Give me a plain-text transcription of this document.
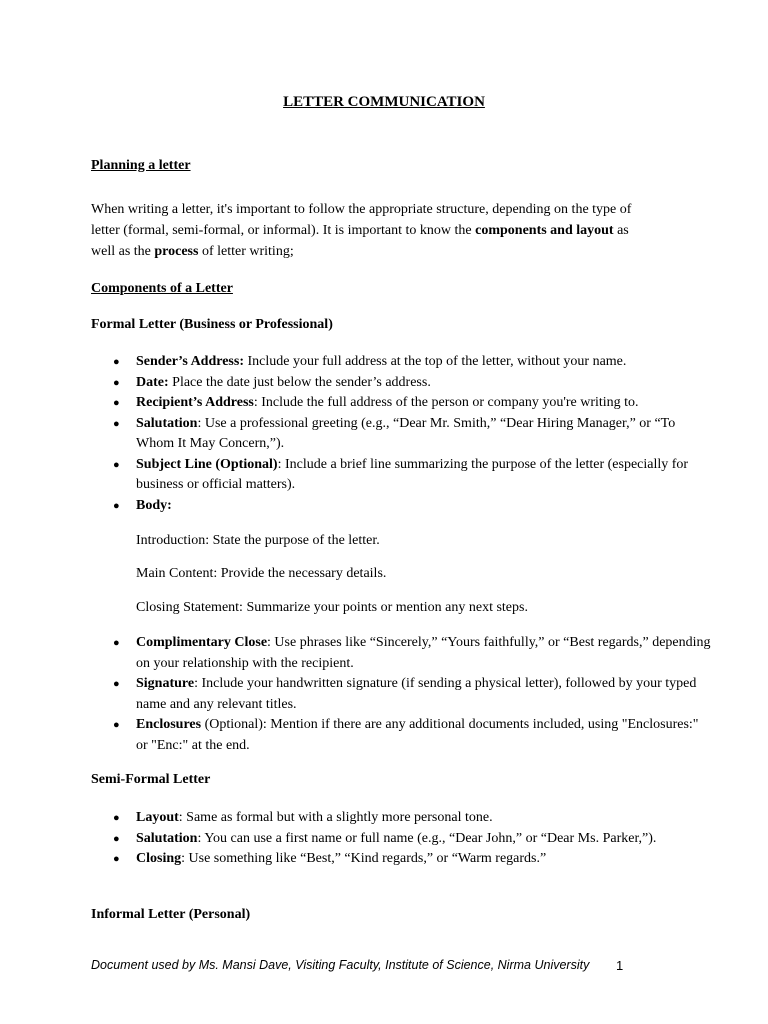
LETTER COMMUNICATION
Planning a letter
When writing a letter, it's important to follow the appropriate structure, depending on the type of
letter (formal, semi-formal, or informal). It is important to know the components and layout as
well as the process of letter writing;
Components of a Letter
Formal Letter (Business or Professional)
● Sender’s Address: Include your full address at the top of the letter, without your name.
● Date: Place the date just below the sender’s address.
● Recipient’s Address: Include the full address of the person or company you're writing to.
● Salutation: Use a professional greeting (e.g., “Dear Mr. Smith,” “Dear Hiring Manager,” or “To Whom It May Concern,”).
● Subject Line (Optional): Include a brief line summarizing the purpose of the letter (especially for business or official matters).
● Body:
Introduction: State the purpose of the letter.
Main Content: Provide the necessary details.
Closing Statement: Summarize your points or mention any next steps.
● Complimentary Close: Use phrases like “Sincerely,” “Yours faithfully,” or “Best regards,” depending on your relationship with the recipient.
● Signature: Include your handwritten signature (if sending a physical letter), followed by your typed name and any relevant titles.
● Enclosures (Optional): Mention if there are any additional documents included, using "Enclosures:" or "Enc:" at the end.
Semi-Formal Letter
● Layout: Same as formal but with a slightly more personal tone.
● Salutation: You can use a first name or full name (e.g., “Dear John,” or “Dear Ms. Parker,”).
● Closing: Use something like “Best,” “Kind regards,” or “Warm regards.”
Informal Letter (Personal)
Document used by Ms. Mansi Dave, Visiting Faculty, Institute of Science, Nirma University 1
